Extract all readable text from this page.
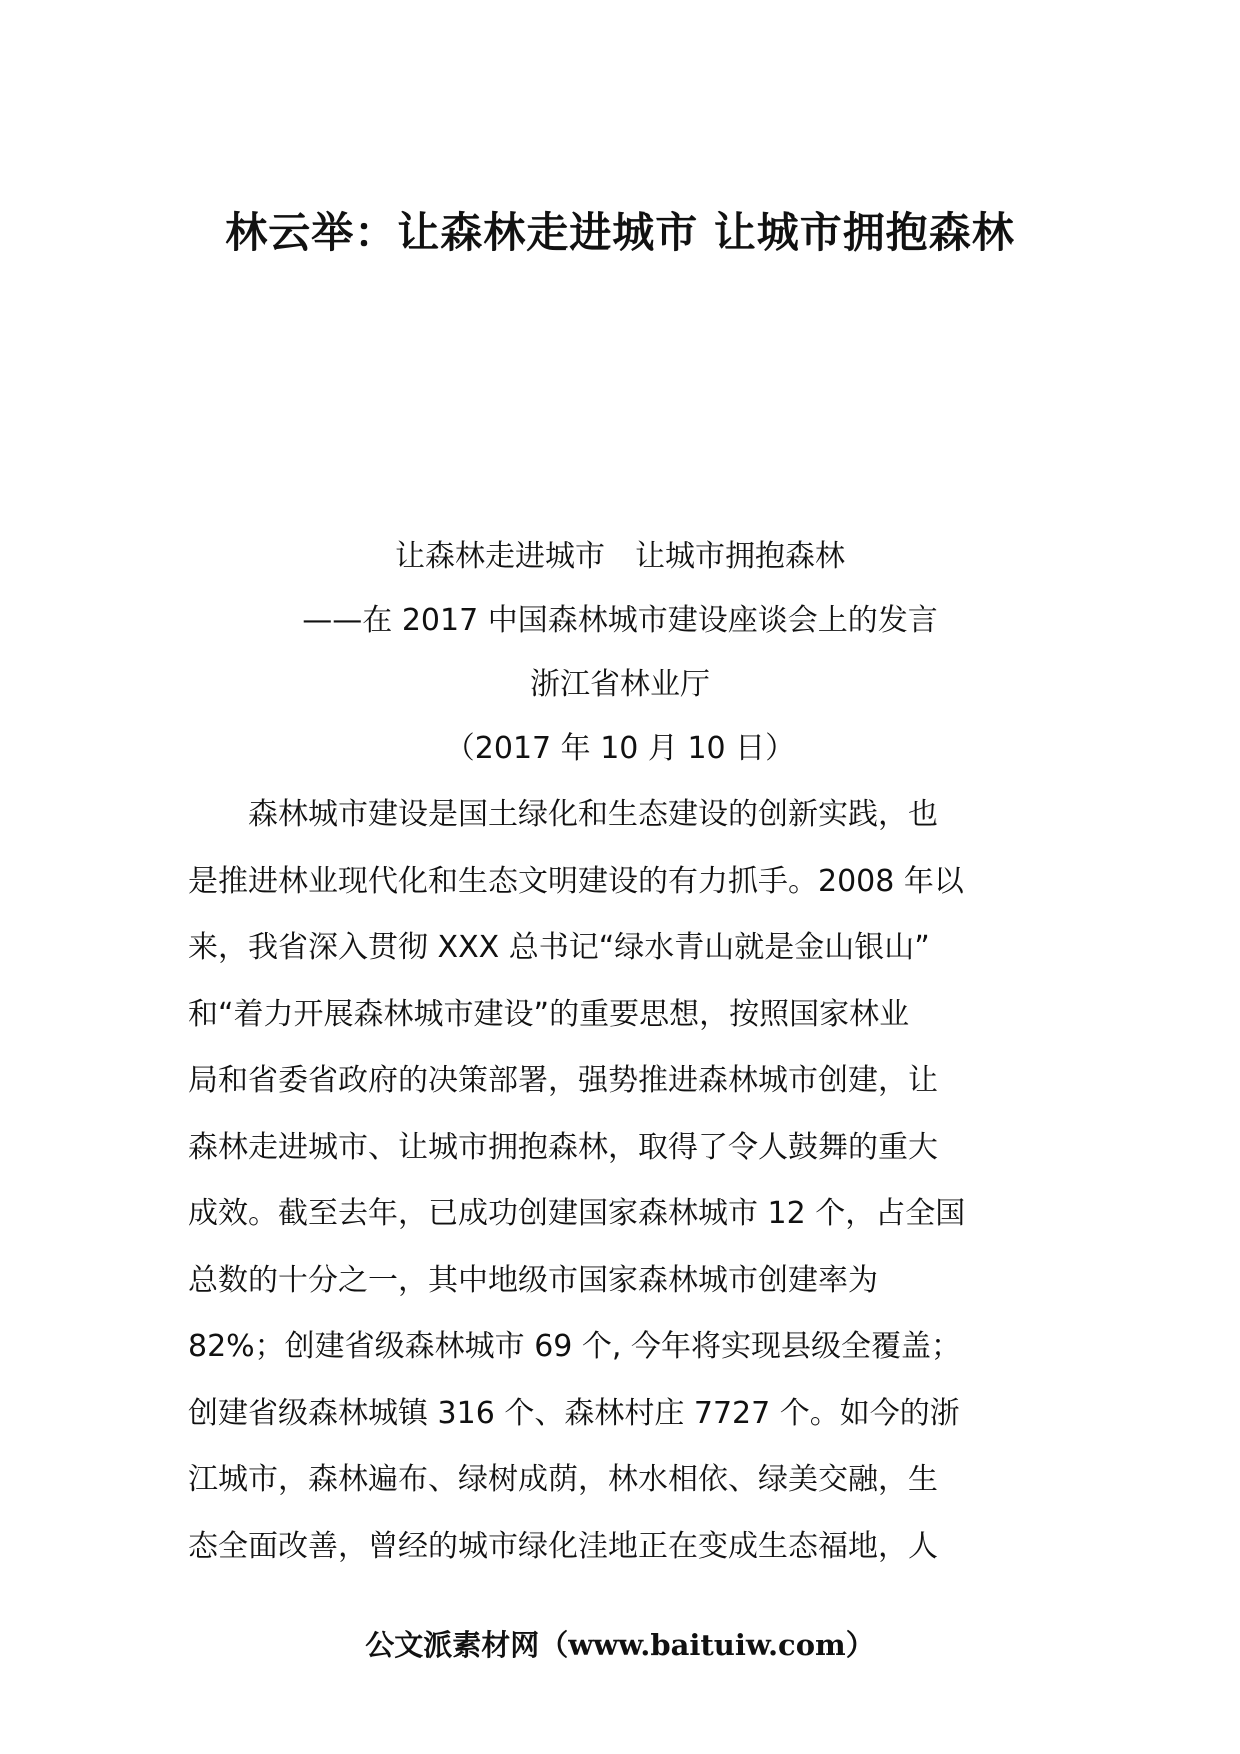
林云举：让森林走进城市 让城市拥抱森林
让森林走进城市　让城市拥抱森林
——在 2017 中国森林城市建设座谈会上的发言
浙江省林业厅
（2017 年 10 月 10 日）
　　森林城市建设是国土绿化和生态建设的创新实践，也
是推进林业现代化和生态文明建设的有力抓手。2008 年以
来，我省深入贯彻 XXX 总书记“绿水青山就是金山银山”
和“着力开展森林城市建设”的重要思想，按照国家林业
局和省委省政府的决策部署，强势推进森林城市创建，让
森林走进城市、让城市拥抱森林，取得了令人鼓舞的重大
成效。截至去年，已成功创建国家森林城市 12 个，占全国
总数的十分之一，其中地级市国家森林城市创建率为
82%；创建省级森林城市 69 个, 今年将实现县级全覆盖；
创建省级森林城镇 316 个、森林村庄 7727 个。如今的浙
江城市，森林遍布、绿树成荫，林水相依、绿美交融，生
态全面改善，曾经的城市绿化洼地正在变成生态福地，人
公文派素材网（www.baituiw.com）
